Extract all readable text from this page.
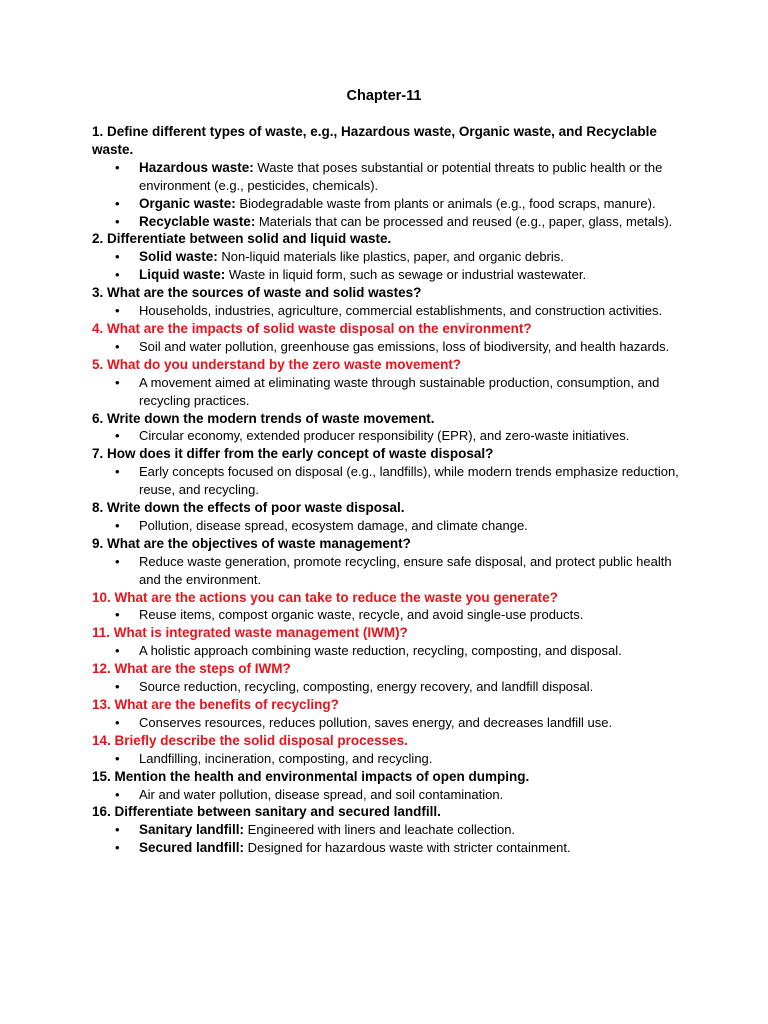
Chapter-11

1. Define different types of waste, e.g., Hazardous waste, Organic waste, and Recyclable waste.

• Hazardous waste: Waste that poses substantial or potential threats to public health or the environment (e.g., pesticides, chemicals).
• Organic waste: Biodegradable waste from plants or animals (e.g., food scraps, manure).
• Recyclable waste: Materials that can be processed and reused (e.g., paper, glass, metals).

2. Differentiate between solid and liquid waste.

• Solid waste: Non-liquid materials like plastics, paper, and organic debris.
• Liquid waste: Waste in liquid form, such as sewage or industrial wastewater.

3. What are the sources of waste and solid wastes?

• Households, industries, agriculture, commercial establishments, and construction activities.

4. What are the impacts of solid waste disposal on the environment?

• Soil and water pollution, greenhouse gas emissions, loss of biodiversity, and health hazards.

5. What do you understand by the zero waste movement?

• A movement aimed at eliminating waste through sustainable production, consumption, and recycling practices.

6. Write down the modern trends of waste movement.

• Circular economy, extended producer responsibility (EPR), and zero-waste initiatives.

7. How does it differ from the early concept of waste disposal?

• Early concepts focused on disposal (e.g., landfills), while modern trends emphasize reduction, reuse, and recycling.

8. Write down the effects of poor waste disposal.

• Pollution, disease spread, ecosystem damage, and climate change.

9. What are the objectives of waste management?

• Reduce waste generation, promote recycling, ensure safe disposal, and protect public health and the environment.

10. What are the actions you can take to reduce the waste you generate?

• Reuse items, compost organic waste, recycle, and avoid single-use products.

11. What is integrated waste management (IWM)?

• A holistic approach combining waste reduction, recycling, composting, and disposal.

12. What are the steps of IWM?

• Source reduction, recycling, composting, energy recovery, and landfill disposal.

13. What are the benefits of recycling?

• Conserves resources, reduces pollution, saves energy, and decreases landfill use.

14. Briefly describe the solid disposal processes.

• Landfilling, incineration, composting, and recycling.

15. Mention the health and environmental impacts of open dumping.

• Air and water pollution, disease spread, and soil contamination.

16. Differentiate between sanitary and secured landfill.

• Sanitary landfill: Engineered with liners and leachate collection.
• Secured landfill: Designed for hazardous waste with stricter containment.
